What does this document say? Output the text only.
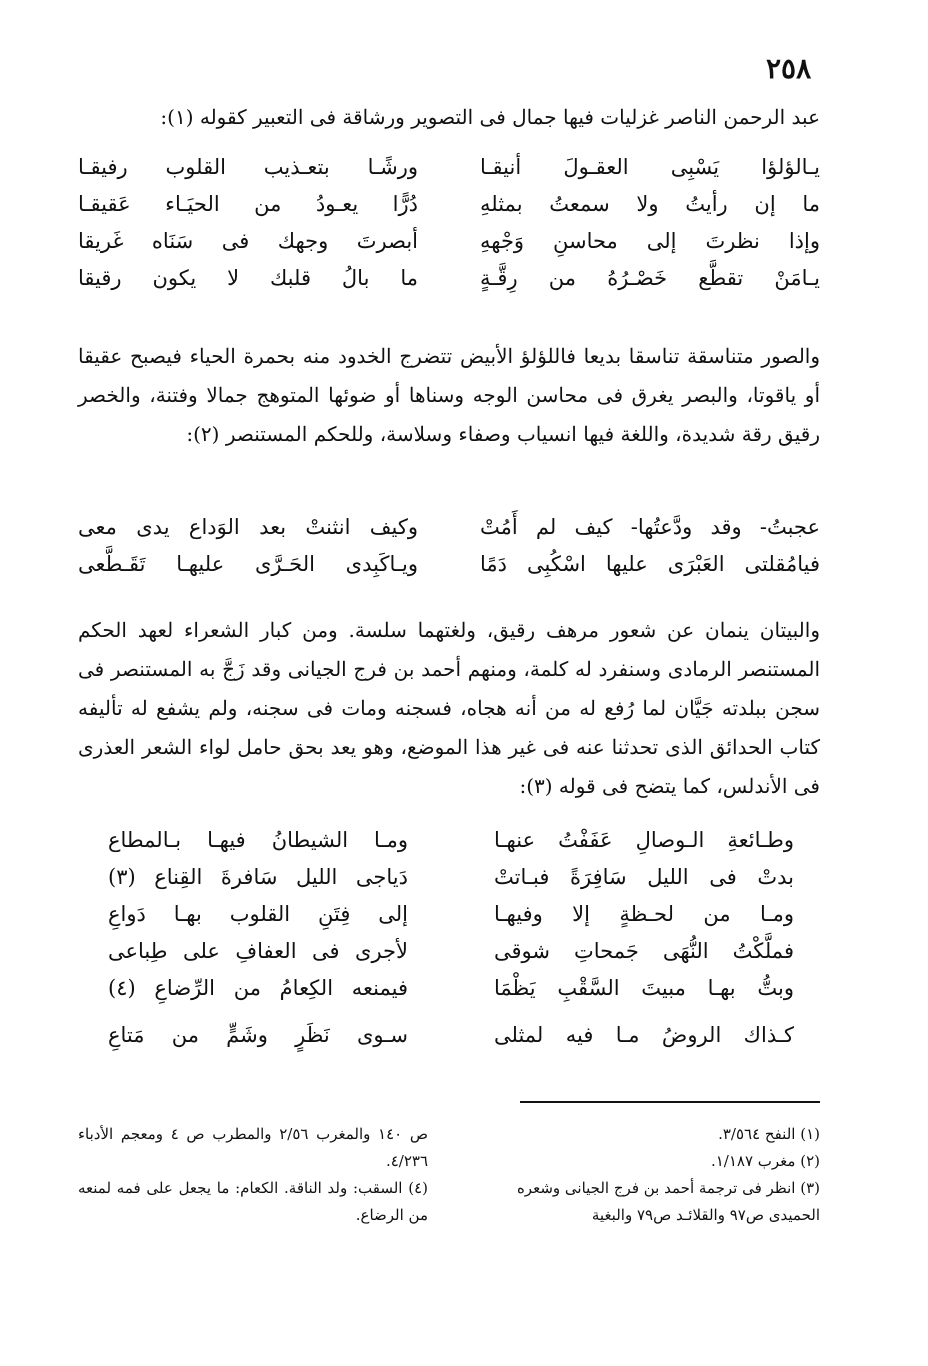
٢٥٨
عبد الرحمن الناصر غزليات فيها جمال فى التصوير ورشاقة فى التعبير كقوله (١):
يـالؤلؤا يَسْبِى العقـولَ أنيقـا
ورشًـا بتعـذيب القلوب رفيقـا
ما إن رأيتُ ولا سمعتُ بمثلهِ
دُرًّا يعـودُ من الحيَـاء عَقيقـا
وإذا نظرتَ إلى محاسنِ وَجْههِ
أبصرتَ وجهك فى سَنَاه غَريقا
يـامَنْ تقطَّع خَصْـرُهُ من رِقَّـةٍ
ما بالُ قلبك لا يكون رقيقا
والصور متناسقة تناسقا بديعا فاللؤلؤ الأبيض تتضرج الخدود منه بحمرة الحياء فيصبح عقيقا أو ياقوتا، والبصر يغرق فى محاسن الوجه وسناها أو ضوئها المتوهج جمالا وفتنة، والخصر رقيق رقة شديدة، واللغة فيها انسياب وصفاء وسلاسة، وللحكم المستنصر (٢):
عجبتُ- وقد ودَّعتُها- كيف لم أَمُتْ
وكيف انثنتْ بعد الوَداع يدى معى
فيامُقلتى العَبْرَى عليها اسْكُبِى دَمًا
ويـاكَبِدى الحَـرَّى عليهـا تَقَـطَّعى
والبيتان ينمان عن شعور مرهف رقيق، ولغتهما سلسة. ومن كبار الشعراء لعهد الحكم المستنصر الرمادى وسنفرد له كلمة، ومنهم أحمد بن فرج الجيانى وقد زَجَّ به المستنصر فى سجن ببلدته جَيَّان لما رُفع له من أنه هجاه، فسجنه ومات فى سجنه، ولم يشفع له تأليفه كتاب الحدائق الذى تحدثنا عنه فى غير هذا الموضع، وهو يعد بحق حامل لواء الشعر العذرى فى الأندلس، كما يتضح فى قوله (٣):
وطـائعةِ الـوصالِ عَفَفْتُ عنهـا
ومـا الشيطانُ فيهـا بـالمطاع
بدتْ فى الليل سَافِرَةً فبـاتتْ
دَياجى الليل سَافرةَ القِناع (٣)
ومـا من لحـظةٍ إلا وفيهـا
إلى فِتَنِ القلوب بهـا دَواعِ
فملَّكْتُ النُّهَى جَمحاتِ شوقى
لأجرى فى العفافِ على طِباعى
وبتُّ بهـا مبيتَ السَّقْبِ يَظْمَا
فيمنعه الكِعامُ من الرِّضاعِ (٤)
كـذاك الروضُ مـا فيه لمثلى
سـوى نَظَرٍ وشَمٍّ من مَتاعِ
(١) النفح ٣/٥٦٤.
(٢) مغرب ١/١٨٧.
(٣) انظر فى ترجمة أحمد بن فرج الجيانى وشعره الحميدى ص٩٧ والقلائـد ص٧٩ والبغية
ص ١٤٠ والمغرب ٢/٥٦ والمطرب ص ٤ ومعجم الأدباء ٤/٢٣٦.
(٤) السقب: ولد الناقة. الكعام: ما يجعل على فمه لمنعه من الرضاع.
